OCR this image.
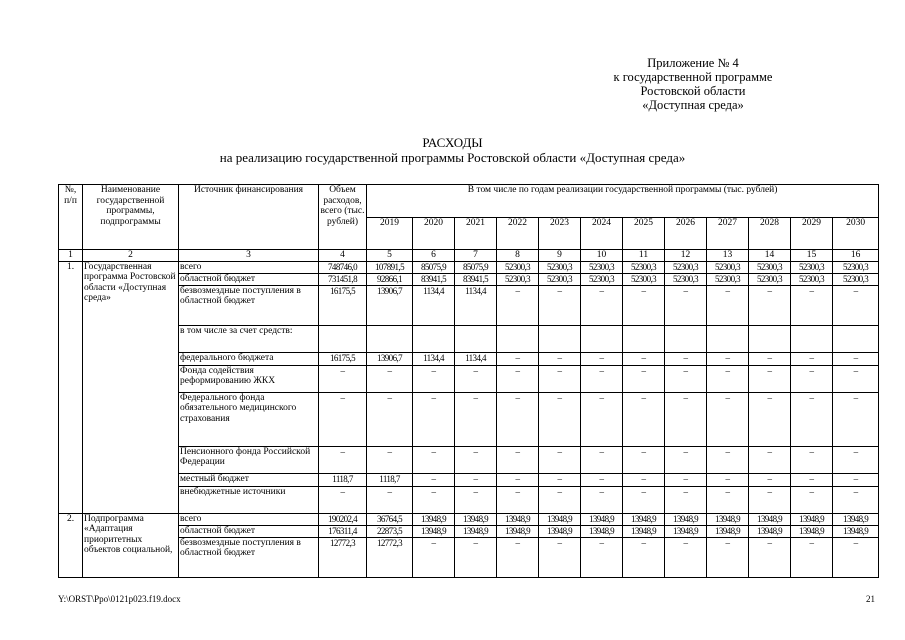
Приложение № 4
к государственной программе
Ростовской области
«Доступная среда»
РАСХОДЫ
на реализацию государственной программы Ростовской области «Доступная среда»
№, п/п	Наименование государственной программы, подпрограммы	Источник финансирования	Объем расходов, всего (тыс. рублей)	В том числе по годам реализации государственной программы (тыс. рублей)											
				2019	2020	2021	2022	2023	2024	2025	2026	2027	2028	2029	2030
1	2	3	4	5	6	7	8	9	10	11	12	13	14	15	16
1.	Государственная программа Ростовской области «Доступная среда»	всего	748746,0	107891,5	85075,9	85075,9	52300,3	52300,3	52300,3	52300,3	52300,3	52300,3	52300,3	52300,3	52300,3
		областной бюджет	731451,8	92866,1	83941,5	83941,5	52300,3	52300,3	52300,3	52300,3	52300,3	52300,3	52300,3	52300,3	52300,3
		безвозмездные поступления в областной бюджет	16175,5	13906,7	1134,4	1134,4	–	–	–	–	–	–	–	–	–
		в том числе за счет средств:													
		федерального бюджета	16175,5	13906,7	1134,4	1134,4	–	–	–	–	–	–	–	–	–
		Фонда содействия реформированию ЖКХ	–	–	–	–	–	–	–	–	–	–	–	–	–
		Федерального фонда обязательного медицинского страхования	–	–	–	–	–	–	–	–	–	–	–	–	–
		Пенсионного фонда Российской Федерации	–	–	–	–	–	–	–	–	–	–	–	–	–
		местный бюджет	1118,7	1118,7	–	–	–	–	–	–	–	–	–	–	–
		внебюджетные источники	–	–	–	–	–	–	–	–	–	–	–	–	–
2.	Подпрограмма «Адаптация приоритетных объектов социальной,	всего	190202,4	36764,5	13948,9	13948,9	13948,9	13948,9	13948,9	13948,9	13948,9	13948,9	13948,9	13948,9	13948,9
		областной бюджет	176311,4	22873,5	13948,9	13948,9	13948,9	13948,9	13948,9	13948,9	13948,9	13948,9	13948,9	13948,9	13948,9
		безвозмездные поступления в областной бюджет	12772,3	12772,3	–	–	–	–	–	–	–	–	–	–	–
Y:\ORST\Ppo\0121p023.f19.docx	21
